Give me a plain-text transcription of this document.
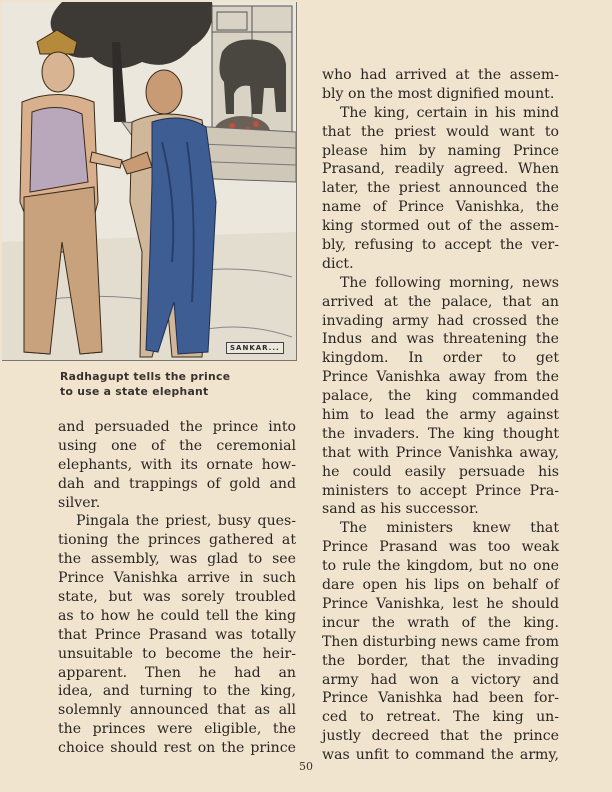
SANKAR...
Radhagupt tells the prince
to use a state elephant
and persuaded the prince into
using one of the ceremonial
elephants, with its ornate how-
dah and trappings of gold and
silver.
Pingala the priest, busy ques-
tioning the princes gathered at
the assembly, was glad to see
Prince Vanishka arrive in such
state, but was sorely troubled
as to how he could tell the king
that Prince Prasand was totally
unsuitable to become the heir-
apparent. Then he had an
idea, and turning to the king,
solemnly announced that as all
the princes were eligible, the
choice should rest on the prince
who had arrived at the assem-
bly on the most dignified mount.
The king, certain in his mind
that the priest would want to
please him by naming Prince
Prasand, readily agreed. When
later, the priest announced the
name of Prince Vanishka, the
king stormed out of the assem-
bly, refusing to accept the ver-
dict.
The following morning, news
arrived at the palace, that an
invading army had crossed the
Indus and was threatening the
kingdom. In order to get
Prince Vanishka away from the
palace, the king commanded
him to lead the army against
the invaders. The king thought
that with Prince Vanishka away,
he could easily persuade his
ministers to accept Prince Pra-
sand as his successor.
The ministers knew that
Prince Prasand was too weak
to rule the kingdom, but no one
dare open his lips on behalf of
Prince Vanishka, lest he should
incur the wrath of the king.
Then disturbing news came from
the border, that the invading
army had won a victory and
Prince Vanishka had been for-
ced to retreat. The king un-
justly decreed that the prince
was unfit to command the army,
50
